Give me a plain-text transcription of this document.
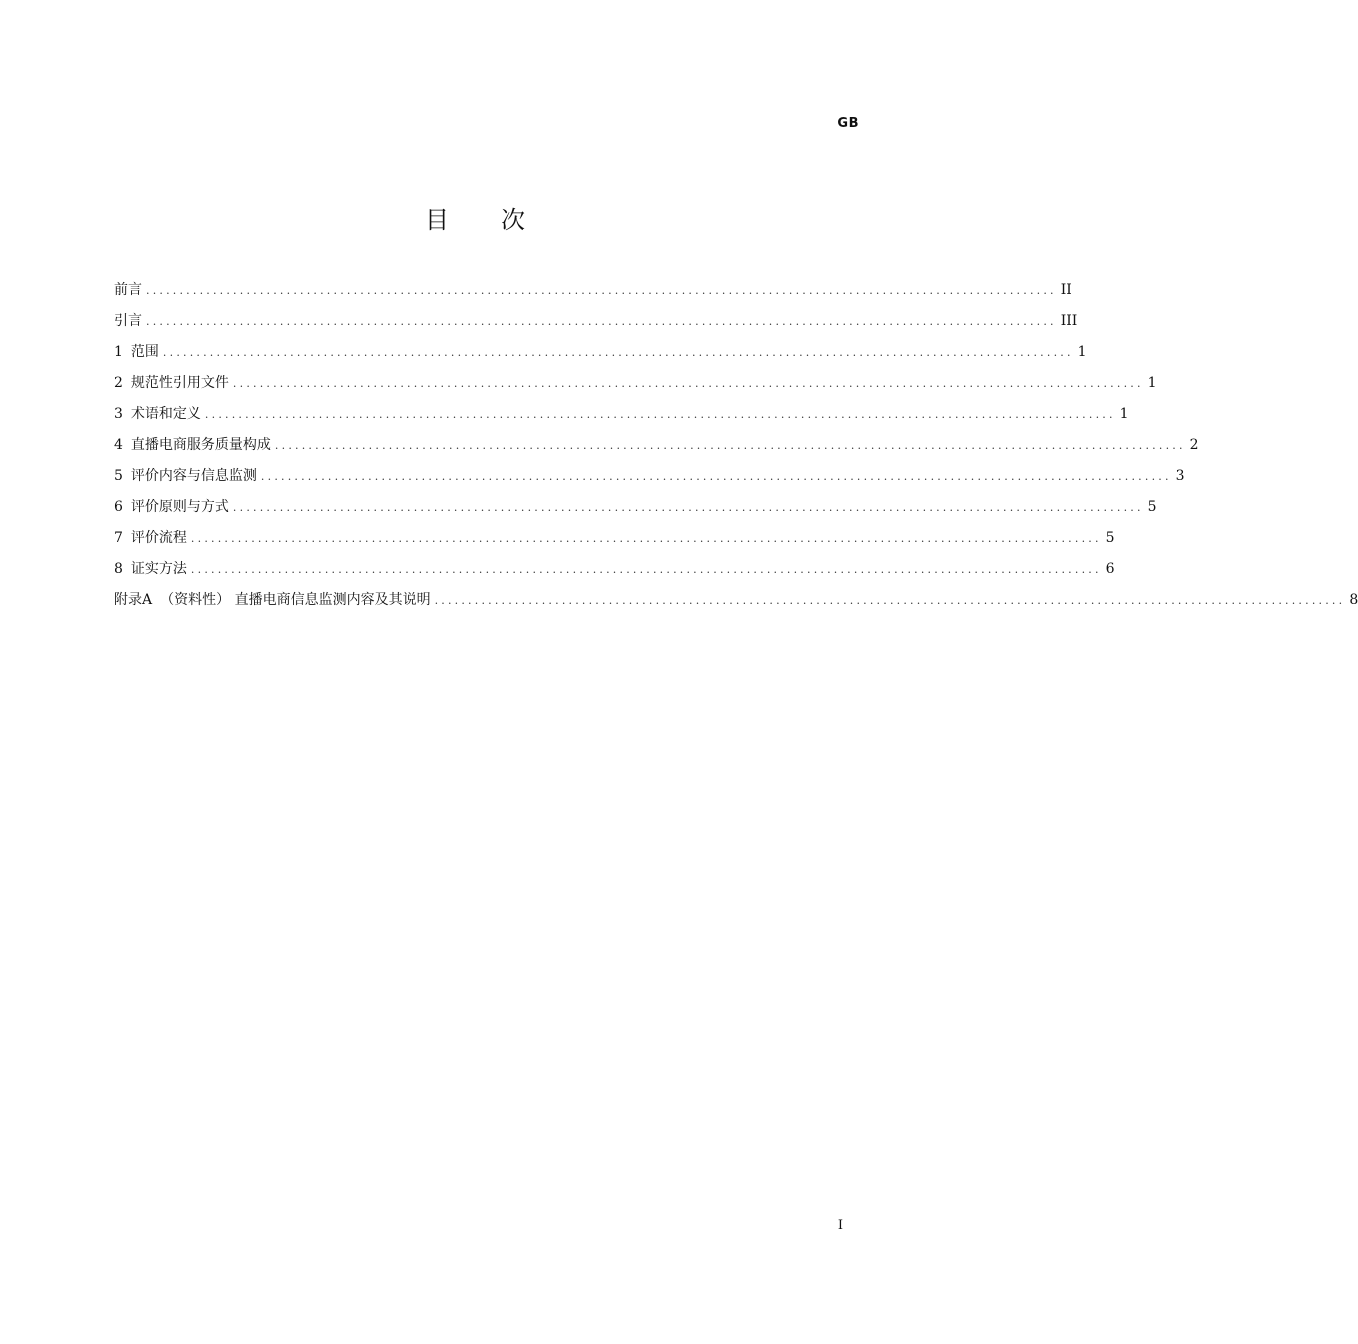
GB
目 次
前言 ........................................................................................................................................ II
引言 ........................................................................................................................................ III
1 范围 ........................................................................................................................................ 1
2 规范性引用文件 ........................................................................................................................................ 1
3 术语和定义 ........................................................................................................................................ 1
4 直播电商服务质量构成 ........................................................................................................................................ 2
5 评价内容与信息监测 ........................................................................................................................................ 3
6 评价原则与方式 ........................................................................................................................................ 5
7 评价流程 ........................................................................................................................................ 5
8 证实方法 ........................................................................................................................................ 6
附录A （资料性） 直播电商信息监测内容及其说明 ........................................................................................................................................ 8
I
